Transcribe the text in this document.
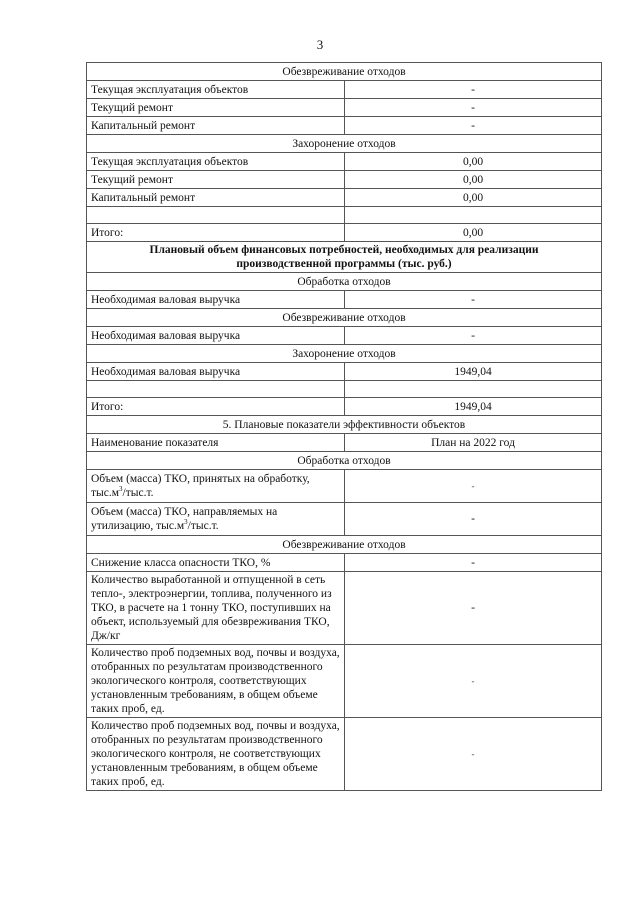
3
Обезвреживание отходов	
Текущая эксплуатация объектов	-
Текущий ремонт	-
Капитальный ремонт	-
Захоронение отходов	
Текущая эксплуатация объектов	0,00
Текущий ремонт	0,00
Капитальный ремонт	0,00

Итого:	0,00
Плановый объем финансовых потребностей, необходимых для реализации
производственной программы (тыс. руб.)	
Обработка отходов	
Необходимая валовая выручка	-
Обезвреживание отходов	
Необходимая валовая выручка	-
Захоронение отходов	
Необходимая валовая выручка	1949,04

Итого:	1949,04
5. Плановые показатели эффективности объектов	
Наименование показателя	План на 2022 год
Обработка отходов	
Объем (масса) ТКО, принятых на обработку,
$тыс.м^3/тыс.т$.	-
Объем (масса) ТКО, направляемых на
утилизацию, $тыс.м^3/тыс.т$.	-
Обезвреживание отходов	
Снижение класса опасности ТКО, %	-
Количество выработанной и отпущенной в сеть тепло-, электроэнергии, топлива, полученного из ТКО, в расчете на 1 тонну ТКО, поступивших на объект, используемый для обезвреживания ТКО, Дж/кг	-
Количество проб подземных вод, почвы и воздуха, отобранных по результатам производственного экологического контроля, соответствующих установленным требованиям, в общем объеме таких проб, ед.	-
Количество проб подземных вод, почвы и воздуха, отобранных по результатам производственного экологического контроля, не соответствующих установленным требованиям, в общем объеме таких проб, ед.	-
